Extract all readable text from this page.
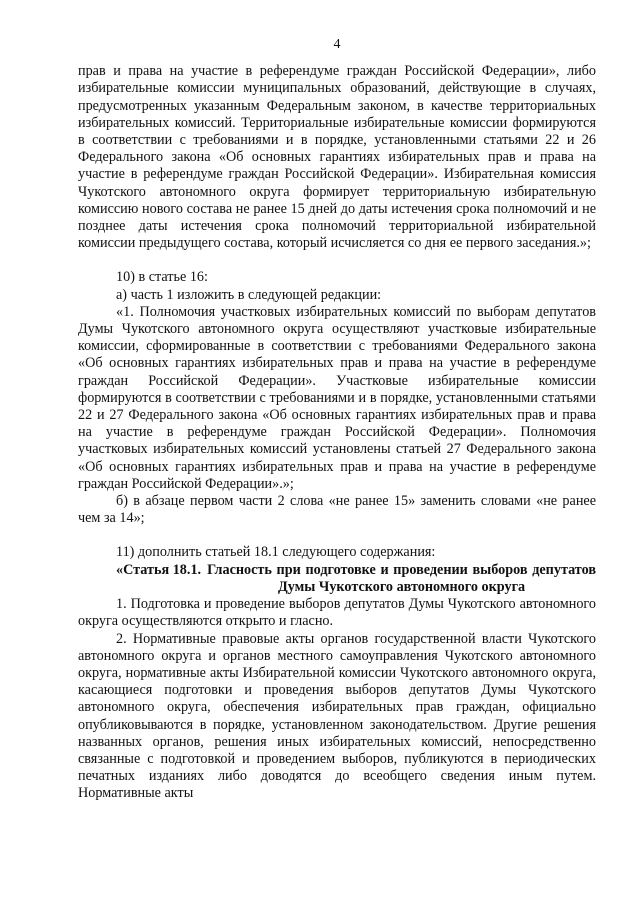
4

прав и права на участие в референдуме граждан Российской Федерации», либо избирательные комиссии муниципальных образований, действующие в случаях, предусмотренных указанным Федеральным законом, в качестве территориальных избирательных комиссий. Территориальные избирательные комиссии формируются в соответствии с требованиями и в порядке, установленными статьями 22 и 26 Федерального закона «Об основных гарантиях избирательных прав и права на участие в референдуме граждан Российской Федерации». Избирательная комиссия Чукотского автономного округа формирует территориальную избирательную комиссию нового состава не ранее 15 дней до даты истечения срока полномочий и не позднее даты истечения срока полномочий территориальной избирательной комиссии предыдущего состава, который исчисляется со дня ее первого заседания.»;

10) в статье 16:

а) часть 1 изложить в следующей редакции:

«1. Полномочия участковых избирательных комиссий по выборам депутатов Думы Чукотского автономного округа осуществляют участковые избирательные комиссии, сформированные в соответствии с требованиями Федерального закона «Об основных гарантиях избирательных прав и права на участие в референдуме граждан Российской Федерации». Участковые избирательные комиссии формируются в соответствии с требованиями и в порядке, установленными статьями 22 и 27 Федерального закона «Об основных гарантиях избирательных прав и права на участие в референдуме граждан Российской Федерации». Полномочия участковых избирательных комиссий установлены статьей 27 Федерального закона «Об основных гарантиях избирательных прав и права на участие в референдуме граждан Российской Федерации».»;

б) в абзаце первом части 2 слова «не ранее 15» заменить словами «не ранее чем за 14»;

11) дополнить статьей 18.1 следующего содержания:

«Статья 18.1. Гласность при подготовке и проведении выборов депутатов Думы Чукотского автономного округа

1. Подготовка и проведение выборов депутатов Думы Чукотского автономного округа осуществляются открыто и гласно.

2. Нормативные правовые акты органов государственной власти Чукотского автономного округа и органов местного самоуправления Чукотского автономного округа, нормативные акты Избирательной комиссии Чукотского автономного округа, касающиеся подготовки и проведения выборов депутатов Думы Чукотского автономного округа, обеспечения избирательных прав граждан, официально опубликовываются в порядке, установленном законодательством. Другие решения названных органов, решения иных избирательных комиссий, непосредственно связанные с подготовкой и проведением выборов, публикуются в периодических печатных изданиях либо доводятся до всеобщего сведения иным путем. Нормативные акты
